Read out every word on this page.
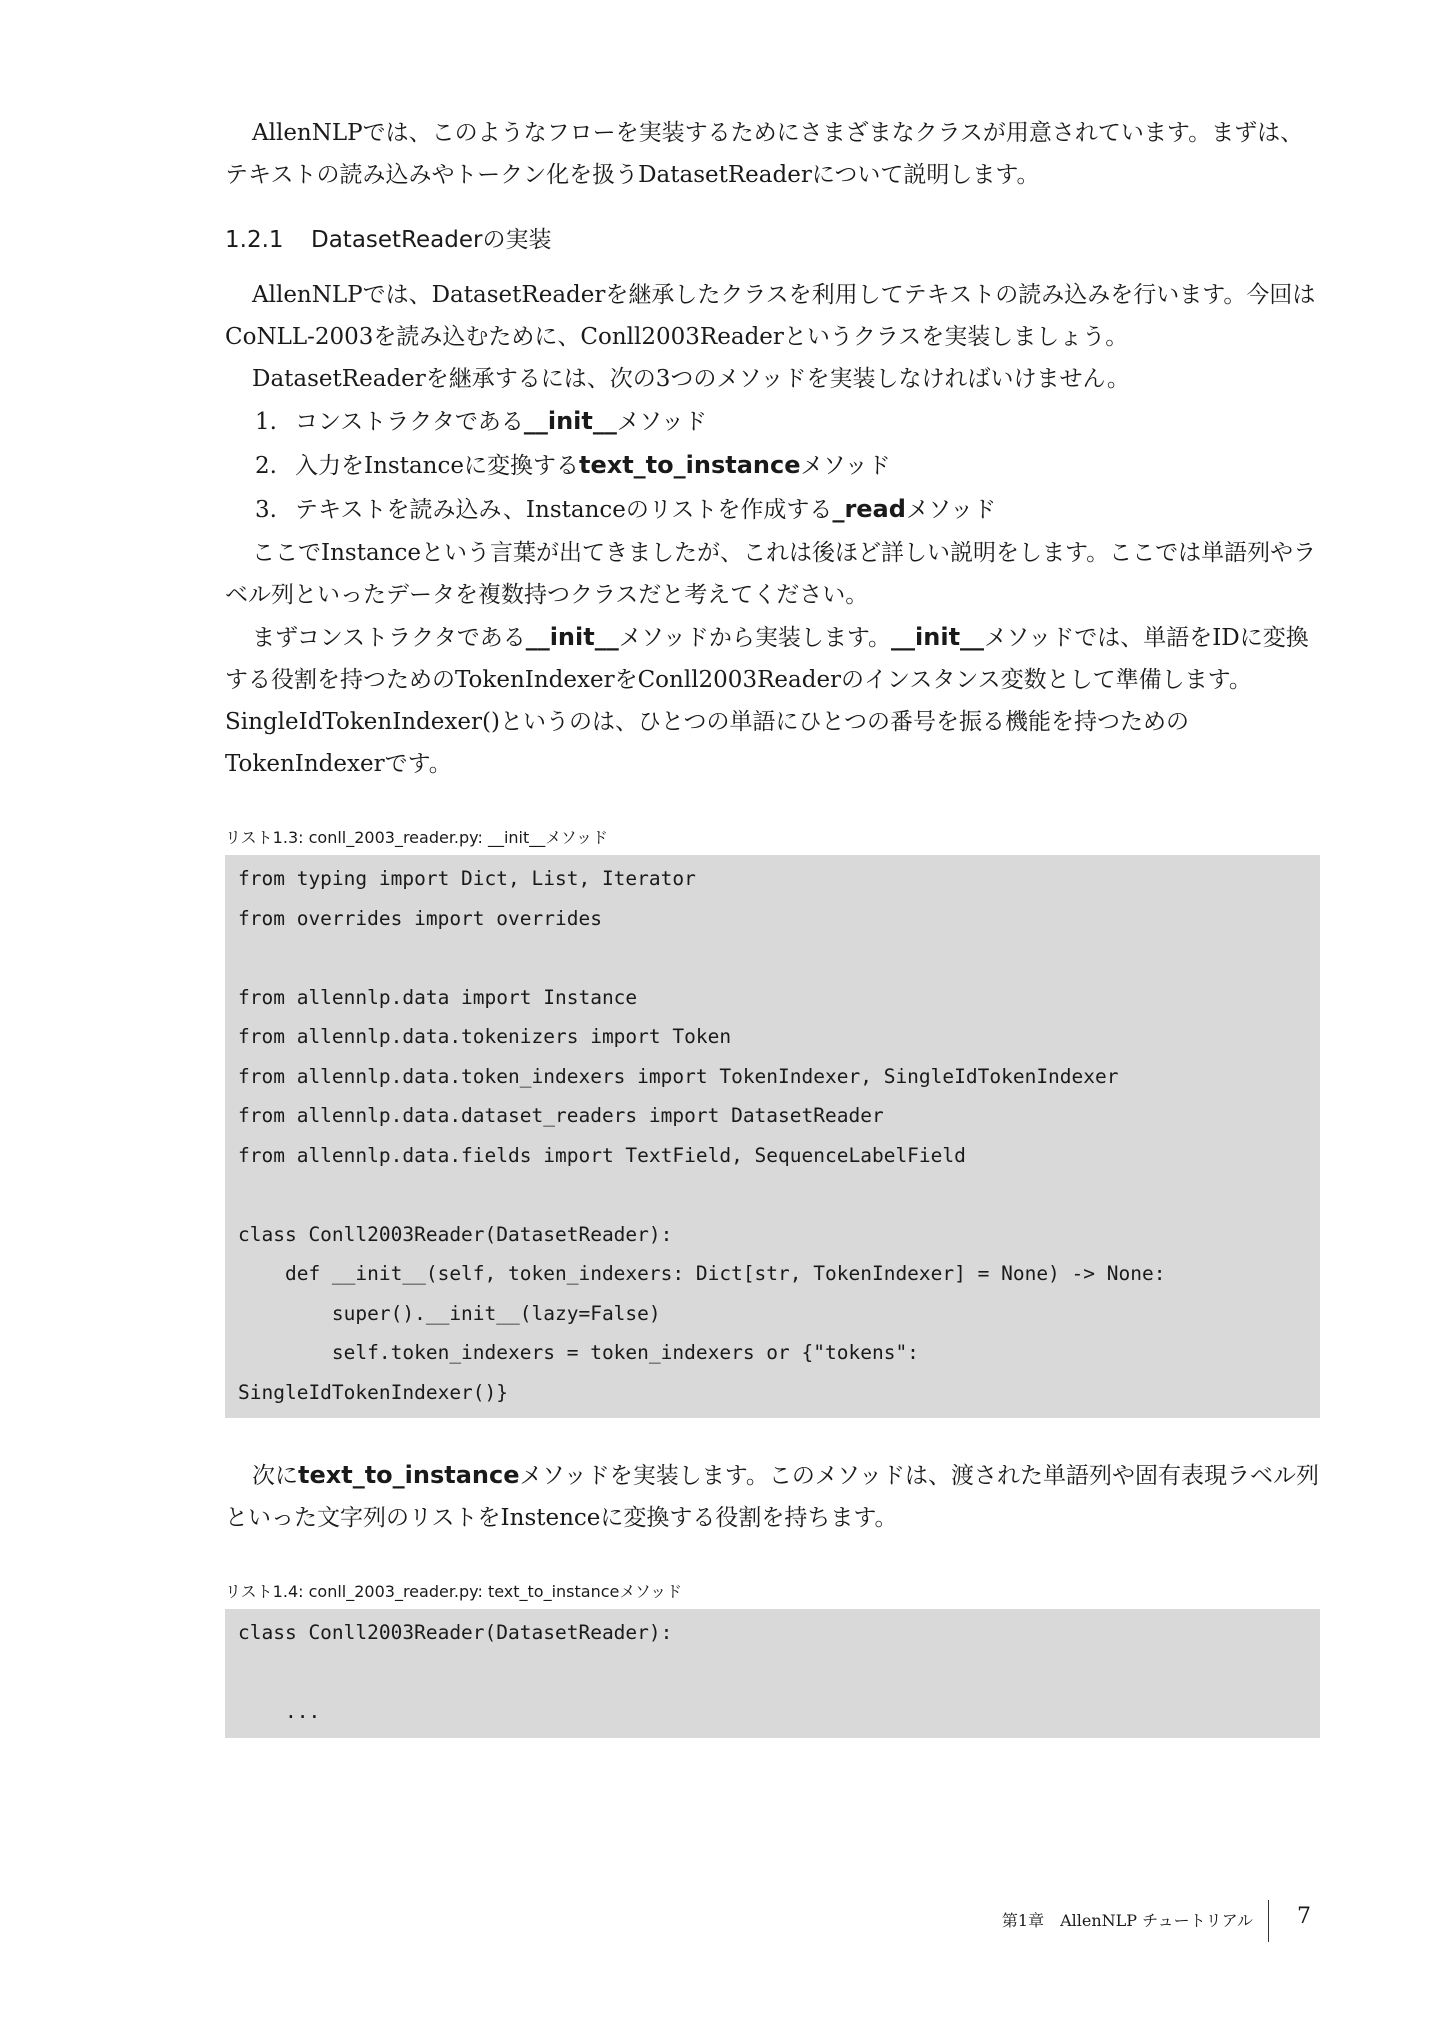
AllenNLPでは、このようなフローを実装するためにさまざまなクラスが用意されています。まずは、テキストの読み込みやトークン化を扱うDatasetReaderについて説明します。

1.2.1 DatasetReaderの実装

AllenNLPでは、DatasetReaderを継承したクラスを利用してテキストの読み込みを行います。今回はCoNLL-2003を読み込むために、Conll2003Readerというクラスを実装しましょう。

DatasetReaderを継承するには、次の3つのメソッドを実装しなければいけません。

1. コンストラクタである__init__メソッド
2. 入力をInstanceに変換するtext_to_instanceメソッド
3. テキストを読み込み、Instanceのリストを作成する_readメソッド

ここでInstanceという言葉が出てきましたが、これは後ほど詳しい説明をします。ここでは単語列やラベル列といったデータを複数持つクラスだと考えてください。

まずコンストラクタである__init__メソッドから実装します。__init__メソッドでは、単語をIDに変換する役割を持つためのTokenIndexerをConll2003Readerのインスタンス変数として準備します。SingleIdTokenIndexer()というのは、ひとつの単語にひとつの番号を振る機能を持つためのTokenIndexerです。

リスト1.3: conll_2003_reader.py: __init__メソッド
from typing import Dict, List, Iterator
from overrides import overrides
from allennlp.data import Instance
from allennlp.data.tokenizers import Token
from allennlp.data.token_indexers import TokenIndexer, SingleIdTokenIndexer
from allennlp.data.dataset_readers import DatasetReader
from allennlp.data.fields import TextField, SequenceLabelField
class Conll2003Reader(DatasetReader):
def __init__(self, token_indexers: Dict[str, TokenIndexer] = None) -> None:
super().__init__(lazy=False)
self.token_indexers = token_indexers or {"tokens":
SingleIdTokenIndexer()}

次にtext_to_instanceメソッドを実装します。このメソッドは、渡された単語列や固有表現ラベル列といった文字列のリストをInstenceに変換する役割を持ちます。

リスト1.4: conll_2003_reader.py: text_to_instanceメソッド
class Conll2003Reader(DatasetReader):
...
第1章　AllenNLP チュートリアル 7
